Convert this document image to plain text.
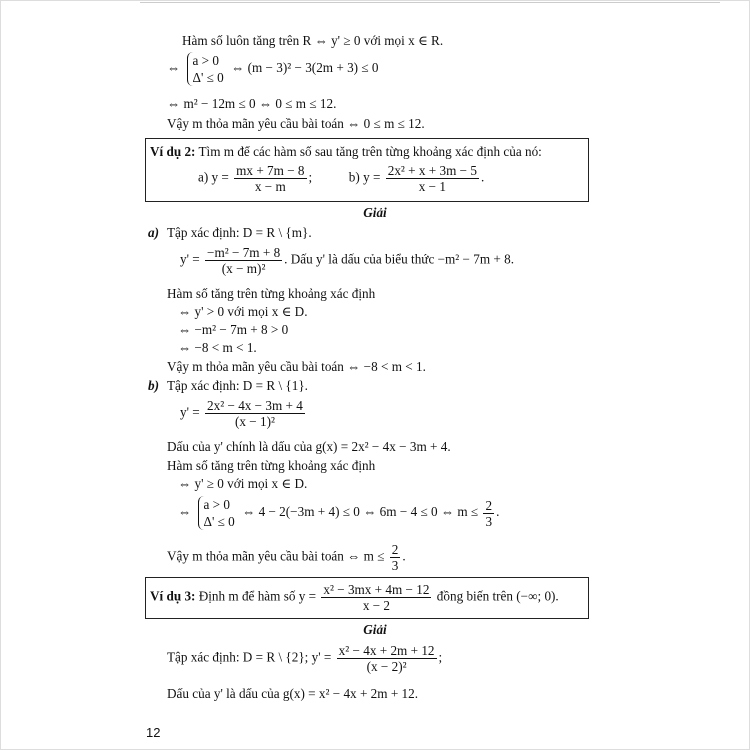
Hàm số luôn tăng trên R ⇔ y' ≥ 0 với mọi x ∈ R.
⇔ a > 0
Δ' ≤ 0
⇔ (m − 3)² − 3(2m + 3) ≤ 0
⇔ m² − 12m ≤ 0 ⇔ 0 ≤ m ≤ 12.
Vậy m thỏa mãn yêu cầu bài toán ⇔ 0 ≤ m ≤ 12.
Ví dụ 2: Tìm m để các hàm số sau tăng trên từng khoảng xác định của nó:
a) $y = \frac{mx + 7m - 8}{x - m}$ ;	b) $y = \frac{\text{2x² + x + 3m − 5}}{x - 1}$ .
Giải
a) Tập xác định: D = R \ {m}.
$y' = \frac{\text{−m² − 7m + 8}}{\text{(x − m)²}}$ . Dấu y' là dấu của biểu thức −m² − 7m + 8.
Hàm số tăng trên từng khoảng xác định
⇔ y' > 0 với mọi x ∈ D.
⇔ −m² − 7m + 8 > 0
⇔ −8 < m < 1.
Vậy m thỏa mãn yêu cầu bài toán ⇔ −8 < m < 1.
b) Tập xác định: D = R \ {1}.
$y' = \frac{\text{2x² − 4x − 3m + 4}}{\text{(x − 1)²}}$
Dấu của y' chính là dấu của g(x) = 2x² − 4x − 3m + 4.
Hàm số tăng trên từng khoảng xác định
⇔ y' ≥ 0 với mọi x ∈ D.
⇔ a > 0
Δ' ≤ 0
⇔ 4 − 2(−3m + 4) ≤ 0 ⇔ 6m − 4 ≤ 0 ⇔ $m \le \frac{2}{3}$ .
Vậy m thỏa mãn yêu cầu bài toán ⇔ $m \le \frac{2}{3}$ .
Ví dụ 3: Định m để hàm số $y = \frac{\text{x² − 3mx + 4m − 12}}{x - 2}$ đồng biến trên (−∞; 0).
Giải
Tập xác định: D = R \ {2}; $y' = \frac{\text{x² − 4x + 2m + 12}}{\text{(x − 2)²}}$ ;
Dấu của y' là dấu của g(x) = x² − 4x + 2m + 12.
12
